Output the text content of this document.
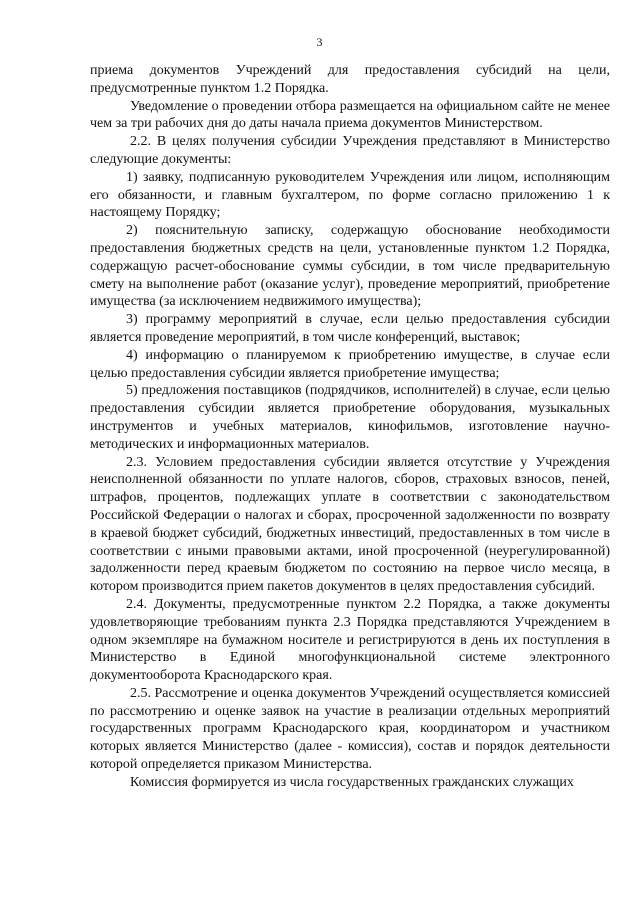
3

приема документов Учреждений для предоставления субсидий на цели, предусмотренные пунктом 1.2 Порядка.

Уведомление о проведении отбора размещается на официальном сайте не менее чем за три рабочих дня до даты начала приема документов Министерством.

2.2. В целях получения субсидии Учреждения представляют в Министерство следующие документы:

1) заявку, подписанную руководителем Учреждения или лицом, исполняющим его обязанности, и главным бухгалтером, по форме согласно приложению 1 к настоящему Порядку;

2) пояснительную записку, содержащую обоснование необходимости предоставления бюджетных средств на цели, установленные пунктом 1.2 Порядка, содержащую расчет-обоснование суммы субсидии, в том числе предварительную смету на выполнение работ (оказание услуг), проведение мероприятий, приобретение имущества (за исключением недвижимого имущества);

3) программу мероприятий в случае, если целью предоставления субсидии является проведение мероприятий, в том числе конференций, выставок;

4) информацию о планируемом к приобретению имуществе, в случае если целью предоставления субсидии является приобретение имущества;

5) предложения поставщиков (подрядчиков, исполнителей) в случае, если целью предоставления субсидии является приобретение оборудования, музыкальных инструментов и учебных материалов, кинофильмов, изготовление научно-методических и информационных материалов.

2.3. Условием предоставления субсидии является отсутствие у Учреждения неисполненной обязанности по уплате налогов, сборов, страховых взносов, пеней, штрафов, процентов, подлежащих уплате в соответствии с законодательством Российской Федерации о налогах и сборах, просроченной задолженности по возврату в краевой бюджет субсидий, бюджетных инвестиций, предоставленных в том числе в соответствии с иными правовыми актами, иной просроченной (неурегулированной) задолженности перед краевым бюджетом по состоянию на первое число месяца, в котором производится прием пакетов документов в целях предоставления субсидий.

2.4. Документы, предусмотренные пунктом 2.2 Порядка, а также документы удовлетворяющие требованиям пункта 2.3 Порядка представляются Учреждением в одном экземпляре на бумажном носителе и регистрируются в день их поступления в Министерство в Единой многофункциональной системе электронного документооборота Краснодарского края.

2.5. Рассмотрение и оценка документов Учреждений осуществляется комиссией по рассмотрению и оценке заявок на участие в реализации отдельных мероприятий государственных программ Краснодарского края, координатором и участником которых является Министерство (далее - комиссия), состав и порядок деятельности которой определяется приказом Министерства.

Комиссия формируется из числа государственных гражданских служащих
